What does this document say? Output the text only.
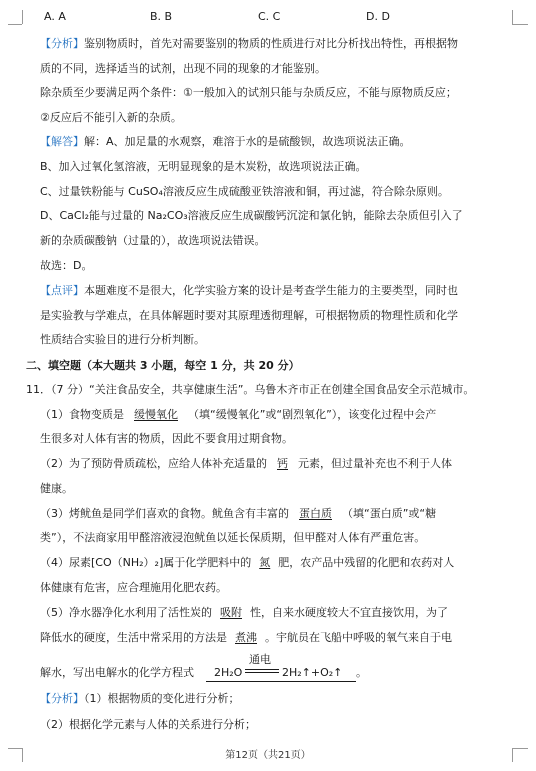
A. A	B. B	C. C	D. D
【分析】鉴别物质时，首先对需要鉴别的物质的性质进行对比分析找出特性，再根据物
质的不同，选择适当的试剂，出现不同的现象的才能鉴别。
除杂质至少要满足两个条件：①一般加入的试剂只能与杂质反应，不能与原物质反应；
②反应后不能引入新的杂质。
【解答】解：A、加足量的水观察，难溶于水的是硫酸钡，故选项说法正确。
B、加入过氧化氢溶液，无明显现象的是木炭粉，故选项说法正确。
C、过量铁粉能与 CuSO₄溶液反应生成硫酸亚铁溶液和铜，再过滤，符合除杂原则。
D、CaCl₂能与过量的 Na₂CO₃溶液反应生成碳酸钙沉淀和氯化钠，能除去杂质但引入了
新的杂质碳酸钠（过量的），故选项说法错误。
故选：D。
【点评】本题难度不是很大，化学实验方案的设计是考查学生能力的主要类型，同时也
是实验教与学难点，在具体解题时要对其原理透彻理解，可根据物质的物理性质和化学
性质结合实验目的进行分析判断。
二、填空题（本大题共 3 小题，每空 1 分，共 20 分）
11．（7 分）“关注食品安全，共享健康生活”。乌鲁木齐市正在创建全国食品安全示范城市。
（1）食物变质是 缓慢氧化 （填“缓慢氧化”或“剧烈氧化”），该变化过程中会产
生很多对人体有害的物质，因此不要食用过期食物。
（2）为了预防骨质疏松，应给人体补充适量的 钙 元素，但过量补充也不利于人体
健康。
（3）烤鱿鱼是同学们喜欢的食物。鱿鱼含有丰富的 蛋白质 （填“蛋白质”或“糖
类”），不法商家用甲醛溶液浸泡鱿鱼以延长保质期，但甲醛对人体有严重危害。
（4）尿素[CO（NH₂）₂]属于化学肥料中的 氮 肥，农产品中残留的化肥和农药对人
体健康有危害，应合理施用化肥农药。
（5）净水器净化水利用了活性炭的 吸附 性，自来水硬度较大不宜直接饮用，为了
降低水的硬度，生活中常采用的方法是 煮沸 。宇航员在飞船中呼吸的氧气来自于电
解水，写出电解水的化学方程式 2H₂O
通电
2H₂↑+O₂↑ 。
【分析】（1）根据物质的变化进行分析；
（2）根据化学元素与人体的关系进行分析；
第12页（共21页）
